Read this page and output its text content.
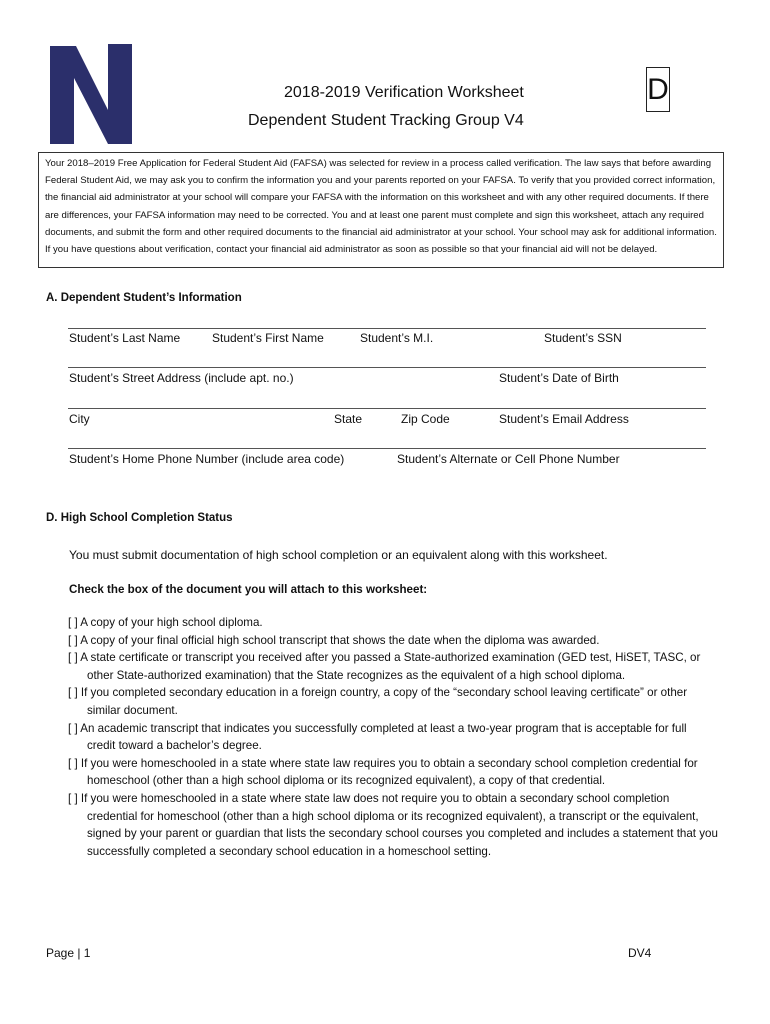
2018-2019 Verification Worksheet
Dependent Student Tracking Group V4
D
Your 2018–2019 Free Application for Federal Student Aid (FAFSA) was selected for review in a process called verification. The law says that before awarding Federal Student Aid, we may ask you to confirm the information you and your parents reported on your FAFSA. To verify that you provided correct information, the financial aid administrator at your school will compare your FAFSA with the information on this worksheet and with any other required documents. If there are differences, your FAFSA information may need to be corrected. You and at least one parent must complete and sign this worksheet, attach any required documents, and submit the form and other required documents to the financial aid administrator at your school. Your school may ask for additional information. If you have questions about verification, contact your financial aid administrator as soon as possible so that your financial aid will not be delayed.
A. Dependent Student’s Information
Student’s Last Name	Student’s First Name	Student’s M.I.	Student’s SSN
Student’s Street Address (include apt. no.)	Student’s Date of Birth
City	State	Zip Code	Student’s Email Address
Student’s Home Phone Number (include area code)	Student’s Alternate or Cell Phone Number
D. High School Completion Status
You must submit documentation of high school completion or an equivalent along with this worksheet.
Check the box of the document you will attach to this worksheet:
[ ] A copy of your high school diploma.
[ ] A copy of your final official high school transcript that shows the date when the diploma was awarded.
[ ] A state certificate or transcript you received after you passed a State-authorized examination (GED test, HiSET, TASC, or other State-authorized examination) that the State recognizes as the equivalent of a high school diploma.
[ ] If you completed secondary education in a foreign country, a copy of the “secondary school leaving certificate” or other similar document.
[ ] An academic transcript that indicates you successfully completed at least a two-year program that is acceptable for full credit toward a bachelor’s degree.
[ ] If you were homeschooled in a state where state law requires you to obtain a secondary school completion credential for homeschool (other than a high school diploma or its recognized equivalent), a copy of that credential.
[ ] If you were homeschooled in a state where state law does not require you to obtain a secondary school completion credential for homeschool (other than a high school diploma or its recognized equivalent), a transcript or the equivalent, signed by your parent or guardian that lists the secondary school courses you completed and includes a statement that you successfully completed a secondary school education in a homeschool setting.
Page | 1	DV4
